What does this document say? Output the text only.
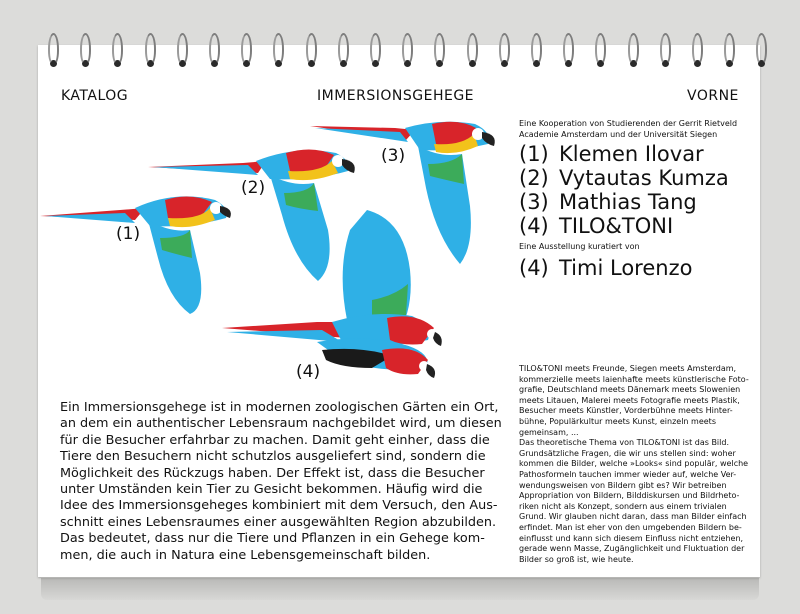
KATALOG	IMMERSIONSGEHEGE	VORNE
Eine Kooperation von Studierenden der Gerrit Rietveld Academie Amsterdam und der Universität Siegen
(1) Klemen Ilovar
(2) Vytautas Kumza
(3) Mathias Tang
(4) TILO&TONI
Eine Ausstellung kuratiert von
(4) Timi Lorenzo
(1)
(2)
(3)
(4)	TILO&TONI meets Freunde, Siegen meets Amsterdam,
kommerzielle meets laienhafte meets künstlerische Foto-
grafie, Deutschland meets Dänemark meets Slowenien
meets Litauen, Malerei meets Fotografie meets Plastik,
Besucher meets Künstler, Vorderbühne meets Hinter-
bühne, Populärkultur meets Kunst, einzeln meets
gemeinsam, ...
Das theoretische Thema von TILO&TONI ist das Bild.
Grundsätzliche Fragen, die wir uns stellen sind: woher
kommen die Bilder, welche »Looks« sind populär, welche
Pathosformeln tauchen immer wieder auf, welche Ver-
wendungsweisen von Bildern gibt es? Wir betreiben
Appropriation von Bildern, Bilddiskursen und Bildrheto-
riken nicht als Konzept, sondern aus einem trivialen
Grund. Wir glauben nicht daran, dass man Bilder einfach
erfindet. Man ist eher von den umgebenden Bildern be-
einflusst und kann sich diesem Einfluss nicht entziehen,
gerade wenn Masse, Zugänglichkeit und Fluktuation der
Bilder so groß ist, wie heute.
Ein Immersionsgehege ist in modernen zoologischen Gärten ein Ort,
an dem ein authentischer Lebensraum nachgebildet wird, um diesen
für die Besucher erfahrbar zu machen. Damit geht einher, dass die
Tiere den Besuchern nicht schutzlos ausgeliefert sind, sondern die
Möglichkeit des Rückzugs haben. Der Effekt ist, dass die Besucher
unter Umständen kein Tier zu Gesicht bekommen. Häufig wird die
Idee des Immersionsgeheges kombiniert mit dem Versuch, den Aus-
schnitt eines Lebensraumes einer ausgewählten Region abzubilden.
Das bedeutet, dass nur die Tiere und Pflanzen in ein Gehege kom-
men, die auch in Natura eine Lebensgemeinschaft bilden.
